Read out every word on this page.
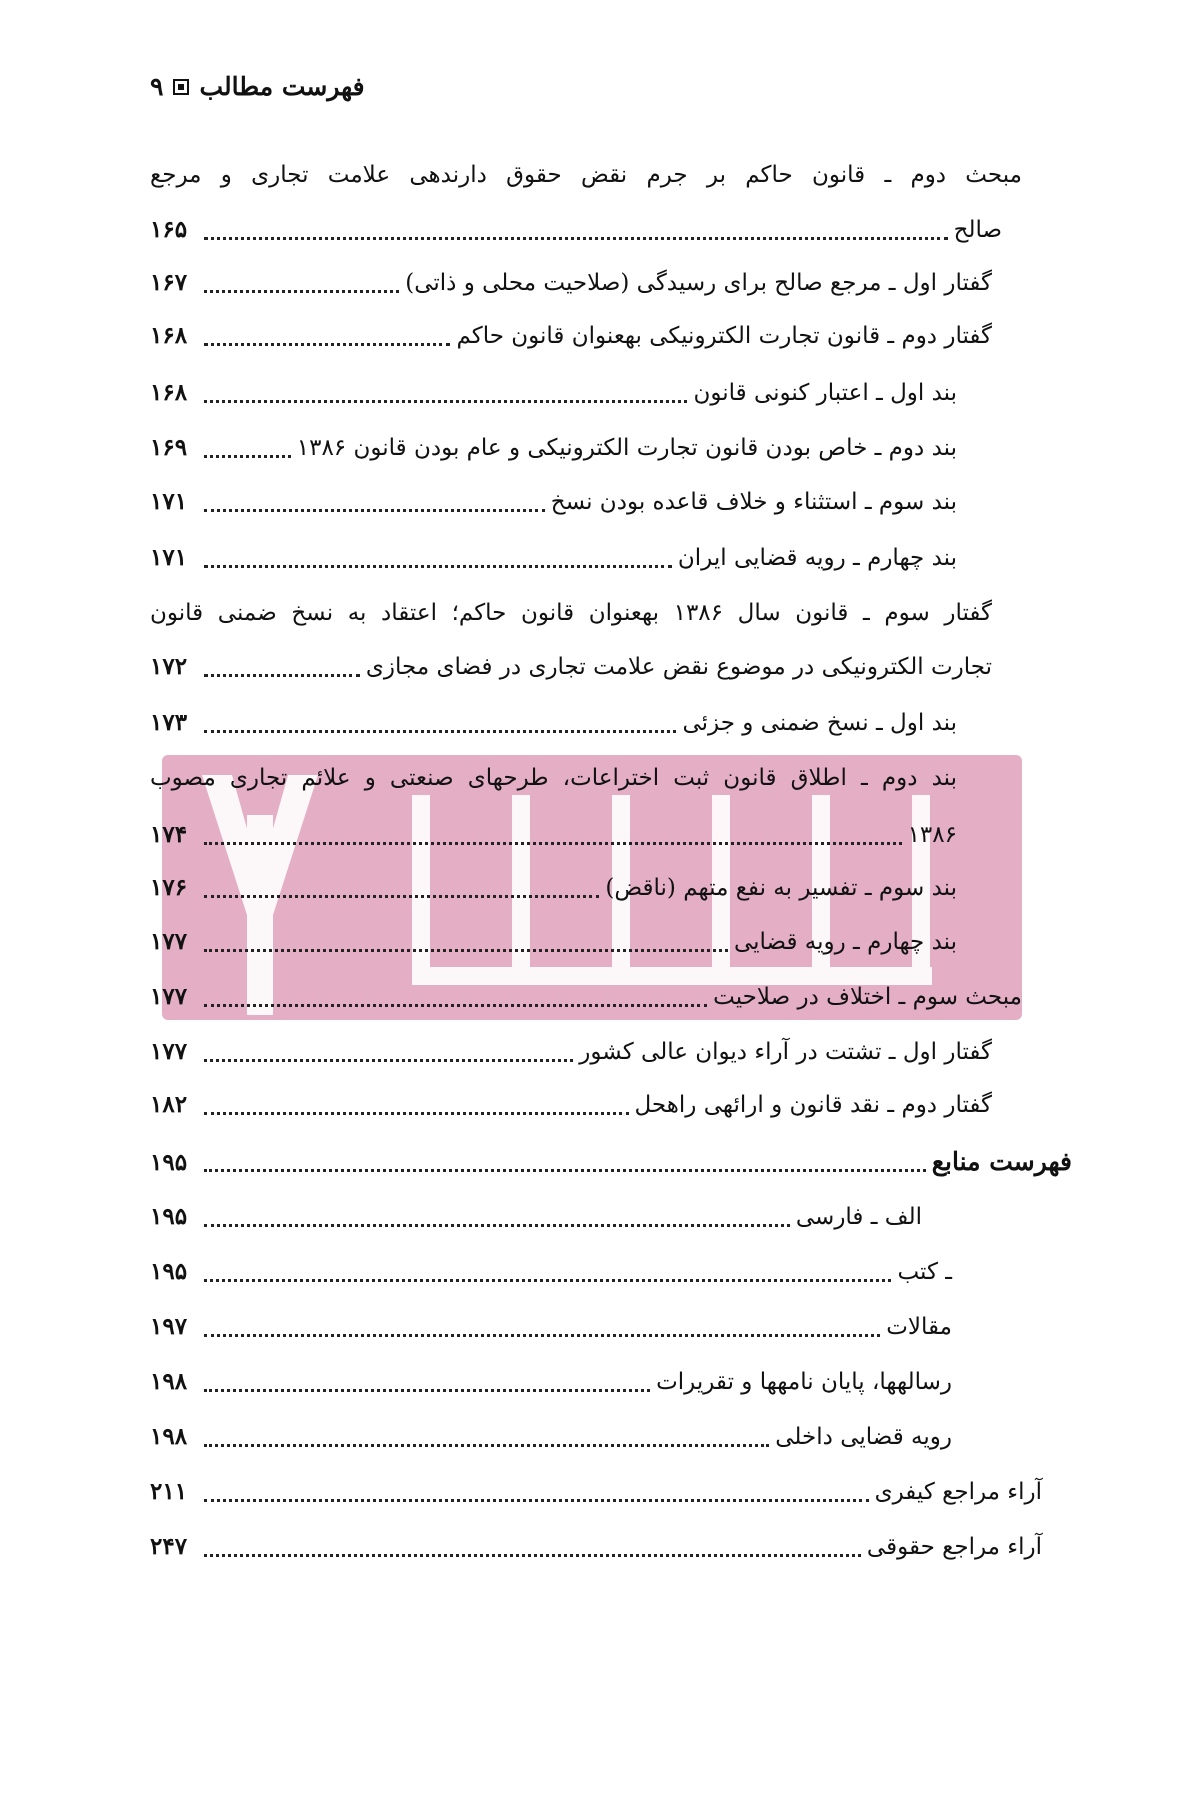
فهرست مطالب
۹
مبحث دوم ـ قانون حاکم بر جرم نقض حقوق دارندهی علامت تجاری و مرجع
صالح
۱۶۵
گفتار اول ـ مرجع صالح برای رسیدگی (صلاحیت محلی و ذاتی)
۱۶۷
گفتار دوم ـ قانون تجارت الکترونیکی بهعنوان قانون حاکم
۱۶۸
بند اول ـ اعتبار کنونی قانون
۱۶۸
بند دوم ـ خاص بودن قانون تجارت الکترونیکی و عام بودن قانون ۱۳۸۶
۱۶۹
بند سوم ـ استثناء و خلاف قاعده بودن نسخ
۱۷۱
بند چهارم ـ رویه قضایی ایران
۱۷۱
گفتار سوم ـ قانون سال ۱۳۸۶ بهعنوان قانون حاکم؛ اعتقاد به نسخ ضمنی قانون
تجارت الکترونیکی در موضوع نقض علامت تجاری در فضای مجازی
۱۷۲
بند اول ـ نسخ ضمنی و جزئی
۱۷۳
بند دوم ـ اطلاق قانون ثبت اختراعات، طرحهای صنعتی و علائم تجاری مصوب
۱۳۸۶
۱۷۴
بند سوم ـ تفسیر به نفع متهم (ناقض)
۱۷۶
بند چهارم ـ رویه قضایی
۱۷۷
مبحث سوم ـ اختلاف در صلاحیت
۱۷۷
گفتار اول ـ تشتت در آراء دیوان عالی کشور
۱۷۷
گفتار دوم ـ نقد قانون و ارائهی راهحل
۱۸۲
فهرست منابع
۱۹۵
الف ـ فارسی
۱۹۵
ـ کتب
۱۹۵
مقالات
۱۹۷
رسالهها، پایان نامهها و تقریرات
۱۹۸
رویه قضایی داخلی
۱۹۸
آراء مراجع کیفری
۲۱۱
آراء مراجع حقوقی
۲۴۷
